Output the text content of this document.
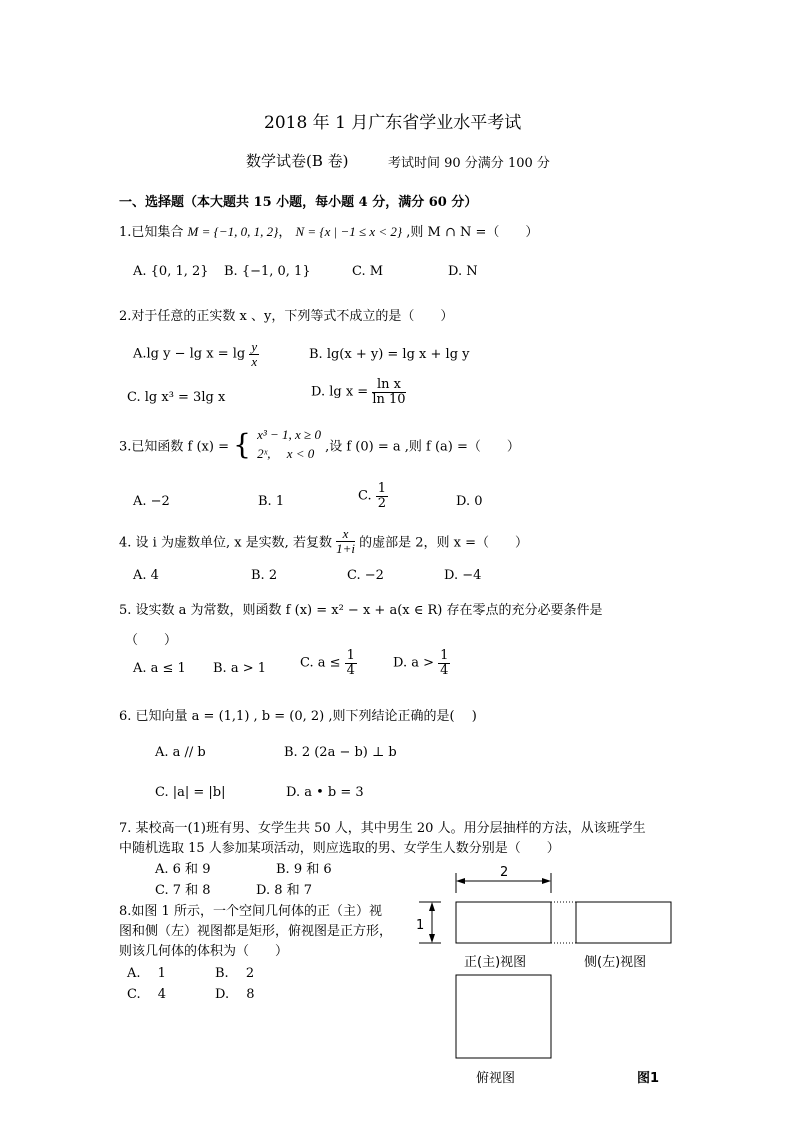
2018 年 1 月广东省学业水平考试
数学试卷(B 卷)	考试时间 90 分满分 100 分
一、选择题（本大题共 15 小题，每小题 4 分，满分 60 分）
1.已知集合 M = {−1, 0, 1, 2}， N = {x | −1 ≤ x < 2} ,则 M ∩ N =（　　）
A. {0, 1, 2} B. {−1, 0, 1}	C. M	D. N
2.对于任意的正实数 x 、y，下列等式不成立的是（　　）
A.lg $y - \lg x = \lg \frac{y}{x}$	B. lg(x + y) = lg x + lg y
C. lg x³ = 3lg x	D. $\lg x = \frac{\text{ln x}}{\ln 10}$
3.已知函数 f (x) = { x³ − 1, x ≥ 0
2ˣ,　 x < 0 ,设 f (0) = a ,则 f (a) =（　　）
A. −2	B. 1	C. $\frac{1}{2}$	D. 0
4. 设 i 为虚数单位, x 是实数, 若复数 $\frac{x}{1+i}$ 的虚部是 2，则 x =（　　）
A. 4	B. 2	C. −2	D. −4
5. 设实数 a 为常数，则函数 f (x) = x² − x + a(x ∈ R) 存在零点的充分必要条件是
（　　）
A. a ≤ 1 B. a > 1	C. $a \le \frac{1}{4}$	D. $a > \frac{1}{4}$
6. 已知向量 a = (1,1) , b = (0, 2) ,则下列结论正确的是(　 )
A. a // b	B. 2 (2a − b) ⊥ b
C. |a| = |b|	D. a • b = 3
7. 某校高一(1)班有男、女学生共 50 人，其中男生 20 人。用分层抽样的方法，从该班学生
中随机选取 15 人参加某项活动，则应选取的男、女学生人数分别是（　　）
A. 6 和 9	B. 9 和 6
C. 7 和 8	D. 8 和 7
8.如图 1 所示，一个空间几何体的正（主）视
图和侧（左）视图都是矩形，俯视图是正方形，
则该几何体的体积为（　　）
A.　 1	B.　 2
C.　 4	D.　 8
2
1
正(主)视图	侧(左)视图
俯视图	图1
